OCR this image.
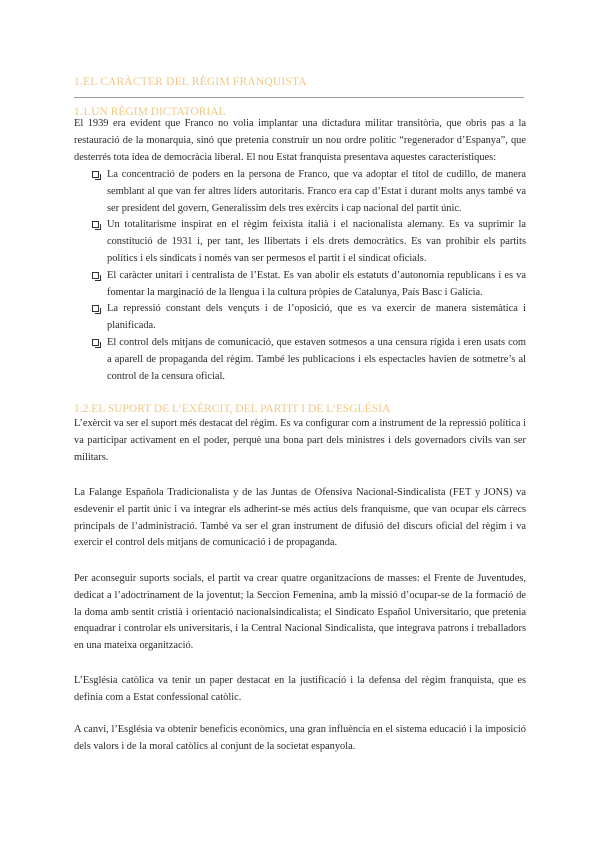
1.EL CARÀCTER DEL RÈGIM FRANQUISTA
1.1.UN RÈGIM DICTATORIAL

El 1939 era evident que Franco no volia implantar una dictadura militar transitòria, que obris pas a la restauració de la monarquia, sinó que pretenia construir un nou ordre polític “regenerador d’Espanya”, que desterrés tota idea de democràcia liberal. El nou Estat franquista presentava aquestes característiques:

La concentració de poders en la persona de Franco, que va adoptar el títol de cudillo, de manera semblant al que van fer altres líders autoritaris. Franco era cap d’Estat i durant molts anys també va ser president del govern, Generalíssim dels tres exèrcits i cap nacional del partit únic.
Un totalitarisme inspirat en el règim feixista italià i el nacionalista alemany. Es va suprimir la constitució de 1931 i, per tant, les llibertats i els drets democràtics. Es van prohibir els partits polítics i els sindicats i només van ser permesos el partit i el sindicat oficials.
El caràcter unitari i centralista de l’Estat. Es van abolir els estatuts d’autonomia republicans i es va fomentar la marginació de la llengua i la cultura pròpies de Catalunya, País Basc i Galícia.
La repressió constant dels vençuts i de l’oposició, que es va exercir de manera sistemàtica i planificada.
El control dels mitjans de comunicació, que estaven sotmesos a una censura rígida i eren usats com a aparell de propaganda del règim. També les publicacions i els espectacles havien de sotmetre’s al control de la censura oficial.
1.2.EL SUPORT DE L’EXÈRCIT, DEL PARTIT I DE L’ESGLÉSIA

L’exèrcit va ser el suport més destacat del règim. Es va configurar com a instrument de la repressió política i va participar activament en el poder, perquè una bona part dels ministres i dels governadors civils van ser militars.

La Falange Española Tradicionalista y de las Juntas de Ofensiva Nacional-Sindicalista (FET y JONS) va esdevenir el partit únic i va integrar els adherint-se més actius dels franquisme, que van ocupar els càrrecs principals de l’administració. També va ser el gran instrument de difusió del discurs oficial del règim i va exercir el control dels mitjans de comunicació i de propaganda.

Per aconseguir suports socials, el partit va crear quatre organitzacions de masses: el Frente de Juventudes, dedicat a l’adoctrinament de la joventut; la Seccion Femenina, amb la missió d’ocupar-se de la formació de la doma amb sentit cristià i orientació nacionalsindicalista; el Sindicato Español Universitario, que pretenia enquadrar i controlar els universitaris, i la Central Nacional Sindicalista, que integrava patrons i treballadors en una mateixa organització.

L’Església catòlica va tenir un paper destacat en la justificació i la defensa del règim franquista, que es definia com a Estat confessional catòlic.

A canvi, l’Església va obtenir beneficis econòmics, una gran influència en el sistema educació i la imposició dels valors i de la moral catòlics al conjunt de la societat espanyola.
